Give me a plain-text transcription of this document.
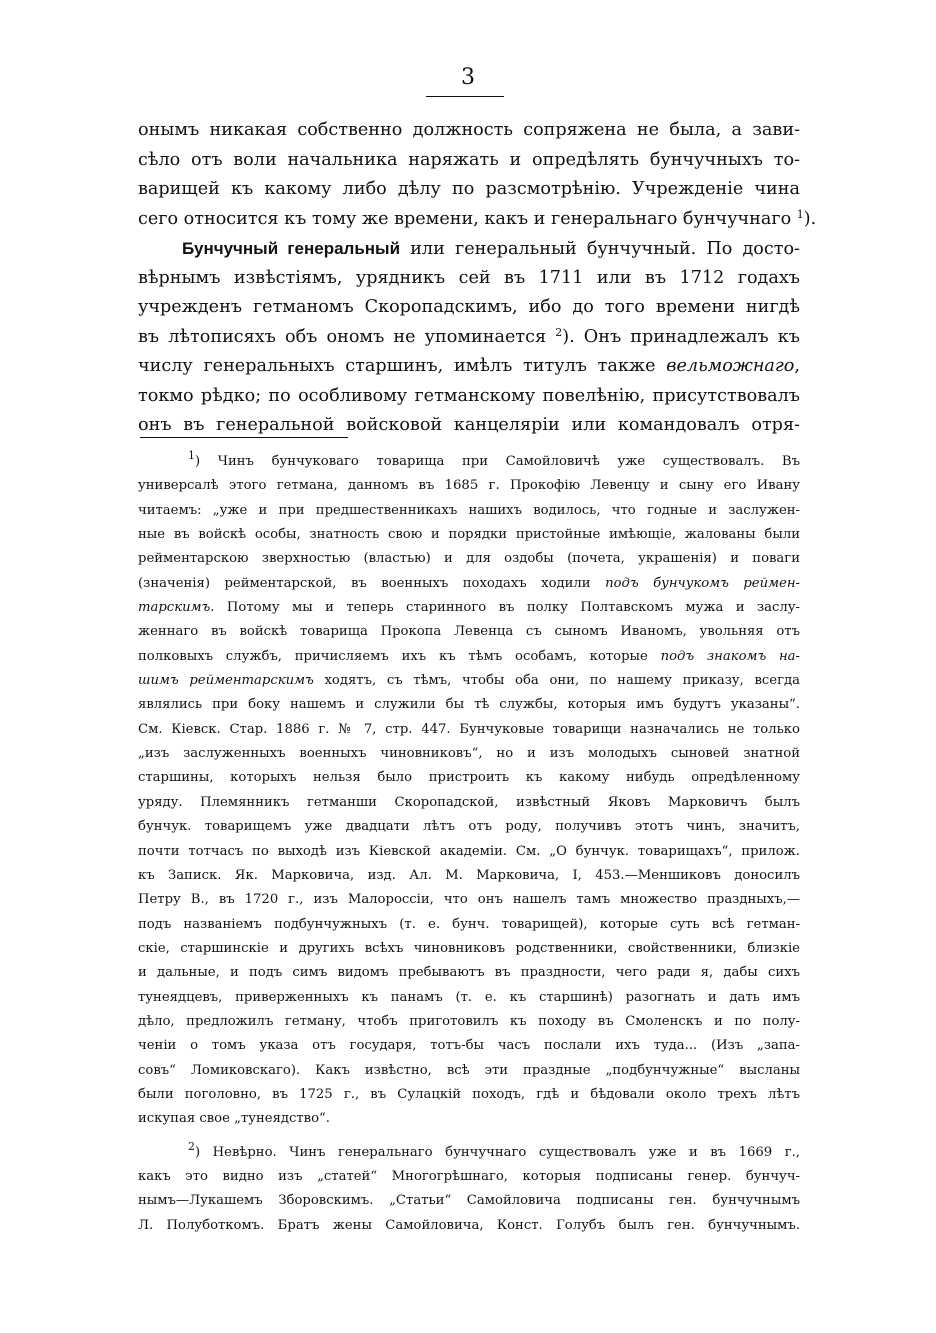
3
онымъ никакая собственно должность сопряжена не была, а зави-
сѣло отъ воли начальника наряжать и опредѣлять бунчучныхъ то-
варищей къ какому либо дѣлу по разсмотрѣнію. Учрежденіе чина
сего относится къ тому же времени, какъ и генеральнаго бунчучнаго $^1$).
Бунчучный генеральный или генеральный бунчучный. По досто-
вѣрнымъ извѣстіямъ, урядникъ сей въ 1711 или въ 1712 годахъ
учрежденъ гетманомъ Скоропадскимъ, ибо до того времени нигдѣ
въ лѣтописяхъ объ ономъ не упоминается $^2$). Онъ принадлежалъ къ
числу генеральныхъ старшинъ, имѣлъ титулъ также вельможнаго,
токмо рѣдко; по особливому гетманскому повелѣнію, присутствовалъ
онъ въ генеральной войсковой канцеляріи или командовалъ отря-
$^1$) Чинъ бунчуковаго товарища при Самойловичѣ уже существовалъ. Въ
универсалѣ этого гетмана, данномъ въ 1685 г. Прокофію Левенцу и сыну его Ивану
читаемъ: „уже и при предшественникахъ нашихъ водилось, что годные и заслужен-
ные въ войскѣ особы, знатность свою и порядки пристойные имѣющіе, жалованы были
рейментарскою зверхностью (властью) и для оздобы (почета, украшенія) и поваги
(значенія) рейментарской, въ военныхъ походахъ ходили подъ бунчукомъ реймен-
тарскимъ. Потому мы и теперь старинного въ полку Полтавскомъ мужа и заслу-
женнаго въ войскѣ товарища Прокопа Левенца съ сыномъ Иваномъ, увольняя отъ
полковыхъ службъ, причисляемъ ихъ къ тѣмъ особамъ, которые подъ знакомъ на-
шимъ рейментарскимъ ходятъ, съ тѣмъ, чтобы оба они, по нашему приказу, всегда
являлись при боку нашемъ и служили бы тѣ службы, которыя имъ будутъ указаны“.
См. Кіевск. Стар. 1886 г. № 7, стр. 447. Бунчуковые товарищи назначались не только
„изъ заслуженныхъ военныхъ чиновниковъ“, но и изъ молодыхъ сыновей знатной
старшины, которыхъ нельзя было пристроить къ какому нибудь опредѣленному
уряду. Племянникъ гетманши Скоропадской, извѣстный Яковъ Марковичъ былъ
бунчук. товарищемъ уже двадцати лѣтъ отъ роду, получивъ этотъ чинъ, значитъ,
почти тотчасъ по выходѣ изъ Кіевской академіи. См. „О бунчук. товарищахъ“, прилож.
къ Записк. Як. Марковича, изд. Ал. М. Марковича, I, 453.—Меншиковъ доносилъ
Петру В., въ 1720 г., изъ Малороссіи, что онъ нашелъ тамъ множество праздныхъ,—
подъ названіемъ подбунчужныхъ (т. е. бунч. товарищей), которые суть всѣ гетман-
скіе, старшинскіе и другихъ всѣхъ чиновниковъ родственники, свойственники, близкіе
и дальные, и подъ симъ видомъ пребываютъ въ праздности, чего ради я, дабы сихъ
тунеядцевъ, приверженныхъ къ панамъ (т. е. къ старшинѣ) разогнать и дать имъ
дѣло, предложилъ гетману, чтобъ приготовилъ къ походу въ Смоленскъ и по полу-
ченіи о томъ указа отъ государя, тотъ-бы часъ послали ихъ туда... (Изъ „запа-
совъ“ Ломиковскаго). Какъ извѣстно, всѣ эти праздные „подбунчужные“ высланы
были поголовно, въ 1725 г., въ Сулацкій походъ, гдѣ и бѣдовали около трехъ лѣтъ
искупая свое „тунеядство“.
$^2$) Невѣрно. Чинъ генеральнаго бунчучнаго существовалъ уже и въ 1669 г.,
какъ это видно изъ „статей“ Многогрѣшнаго, которыя подписаны генер. бунчуч-
нымъ—Лукашемъ Зборовскимъ. „Статьи“ Самойловича подписаны ген. бунчучнымъ
Л. Полуботкомъ. Братъ жены Самойловича, Конст. Голубъ былъ ген. бунчучнымъ.
